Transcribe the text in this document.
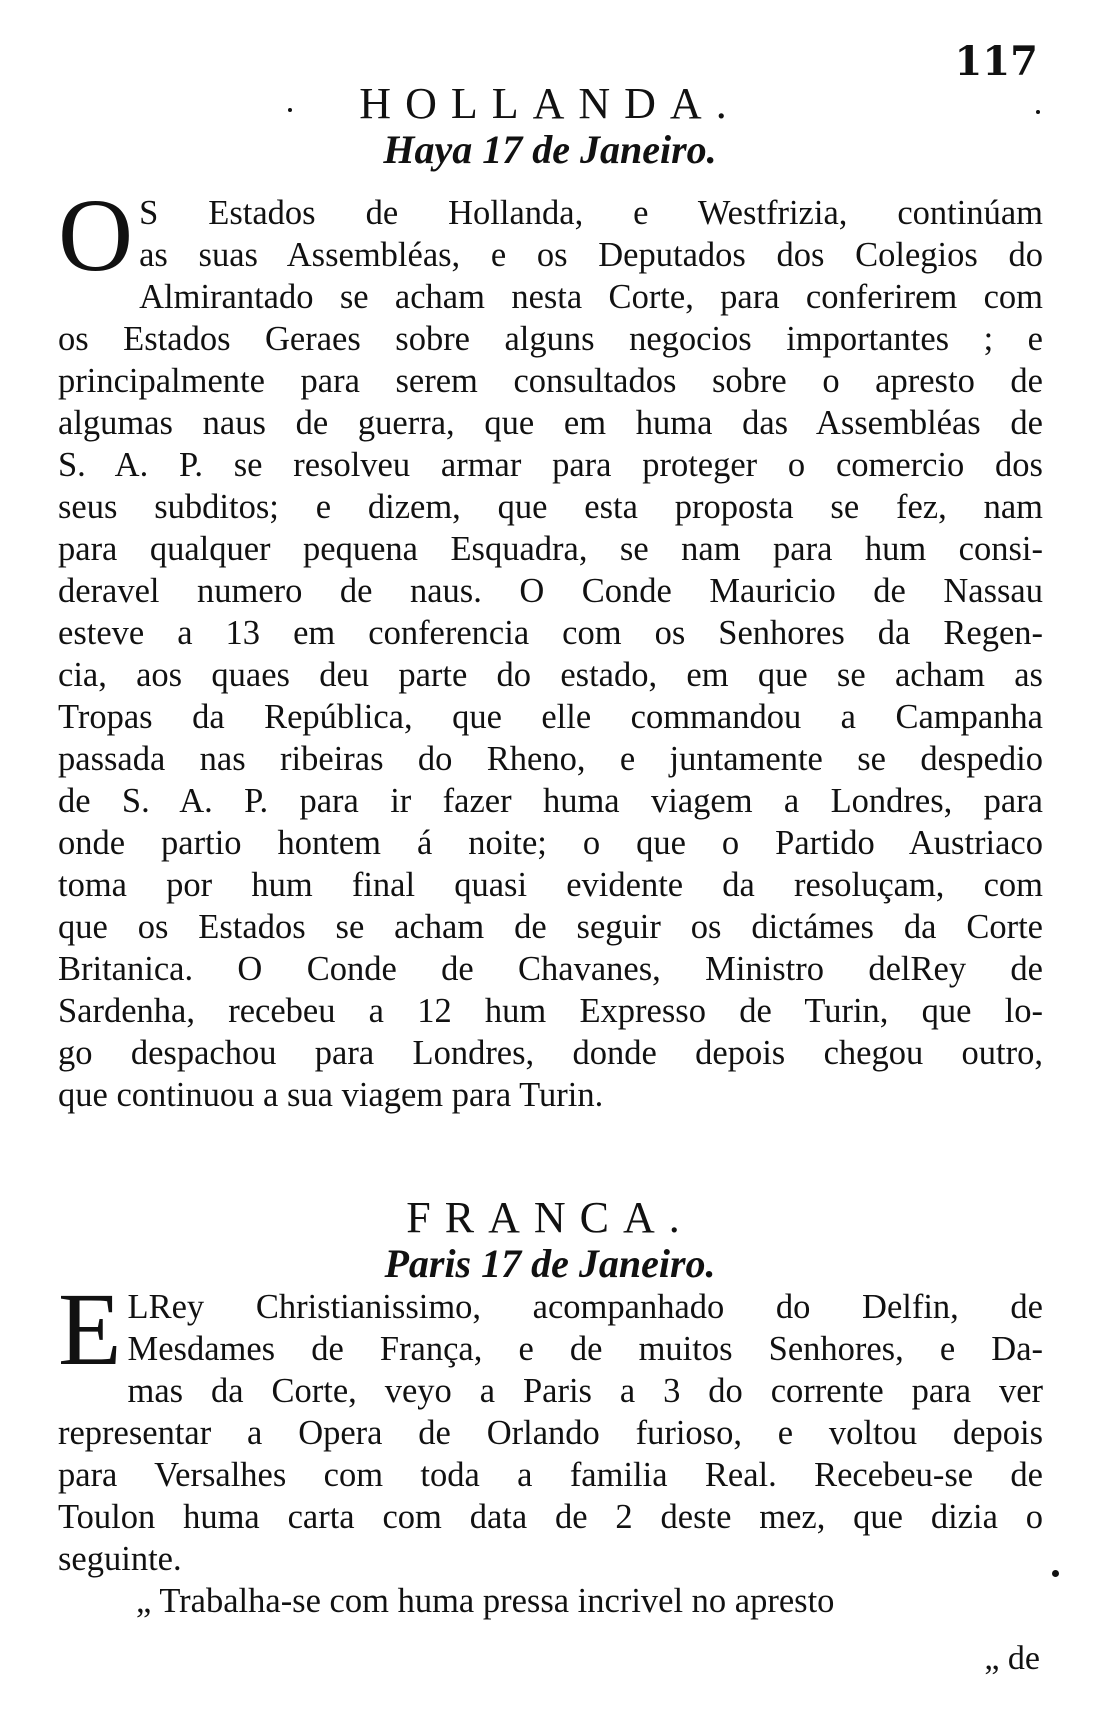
117
HOLLANDA.
Haya 17 de Janeiro.
O S Estados de Hollanda, e Westfrizia, continúam
as suas Assembléas, e os Deputados dos Colegios do
Almirantado se acham nesta Corte, para conferirem com
os Estados Geraes sobre alguns negocios importantes ; e
principalmente para serem consultados sobre o apresto de
algumas naus de guerra, que em huma das Assembléas de
S. A. P. se resolveu armar para proteger o comercio dos
seus subditos; e dizem, que esta proposta se fez, nam
para qualquer pequena Esquadra, se nam para hum consi-
deravel numero de naus. O Conde Mauricio de Nassau
esteve a 13 em conferencia com os Senhores da Regen-
cia, aos quaes deu parte do estado, em que se acham as
Tropas da República, que elle commandou a Campanha
passada nas ribeiras do Rheno, e juntamente se despedio
de S. A. P. para ir fazer huma viagem a Londres, para
onde partio hontem á noite; o que o Partido Austriaco
toma por hum final quasi evidente da resoluçam, com
que os Estados se acham de seguir os dictámes da Corte
Britanica. O Conde de Chavanes, Ministro delRey de
Sardenha, recebeu a 12 hum Expresso de Turin, que lo-
go despachou para Londres, donde depois chegou outro,
que continuou a sua viagem para Turin.
FRANCA.
Paris 17 de Janeiro.
E LRey Christianissimo, acompanhado do Delfin, de
Mesdames de França, e de muitos Senhores, e Da-
mas da Corte, veyo a Paris a 3 do corrente para ver
representar a Opera de Orlando furioso, e voltou depois
para Versalhes com toda a familia Real. Recebeu-se de
Toulon huma carta com data de 2 deste mez, que dizia o
seguinte.
„ Trabalha-se com huma pressa incrivel no apresto
„ de
